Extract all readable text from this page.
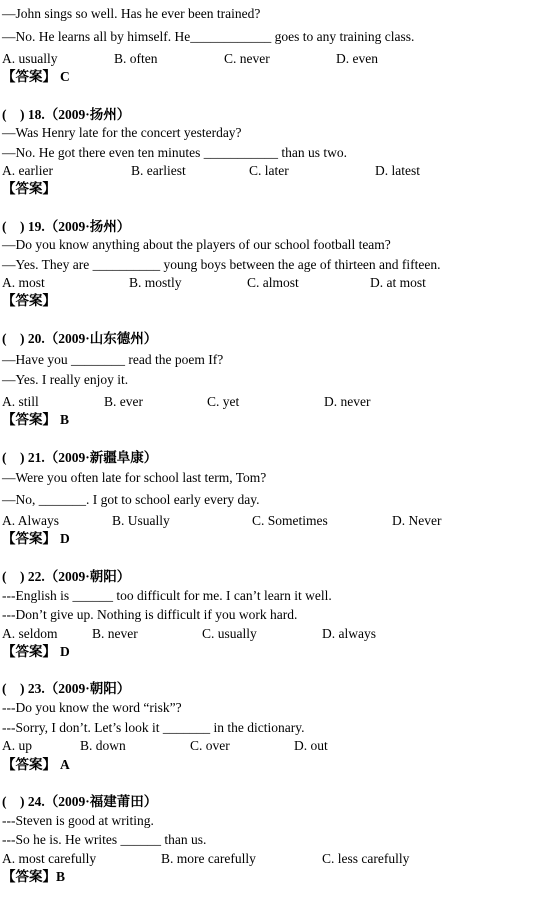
—John sings so well. Has he ever been trained?
—No. He learns all by himself. He____________ goes to any training class.
A. usually	B. often	C. never	D. even
【答案】 C
( ) 18.（2009·扬州）
—Was Henry late for the concert yesterday?
—No. He got there even ten minutes ___________ than us two.
A. earlier	B. earliest	C. later	D. latest
【答案】
( ) 19.（2009·扬州）
—Do you know anything about the players of our school football team?
—Yes. They are __________ young boys between the age of thirteen and fifteen.
A. most	B. mostly	C. almost	D. at most
【答案】
( ) 20.（2009·山东德州）
—Have you ________ read the poem If?
—Yes. I really enjoy it.
A. still	B. ever	C. yet	D. never
【答案】 B
( ) 21.（2009·新疆阜康）
—Were you often late for school last term, Tom?
—No, _______. I got to school early every day.
A. Always	B. Usually	C. Sometimes	D. Never
【答案】 D
( ) 22.（2009·朝阳）
---English is ______ too difficult for me. I can’t learn it well.
---Don’t give up. Nothing is difficult if you work hard.
A. seldom	B. never	C. usually	D. always
【答案】 D
( ) 23.（2009·朝阳）
---Do you know the word “risk”?
---Sorry, I don’t. Let’s look it _______ in the dictionary.
A. up	B. down	C. over	D. out
【答案】 A
( ) 24.（2009·福建莆田）
---Steven is good at writing.
---So he is. He writes ______ than us.
A. most carefully	B. more carefully	C. less carefully
【答案】B
